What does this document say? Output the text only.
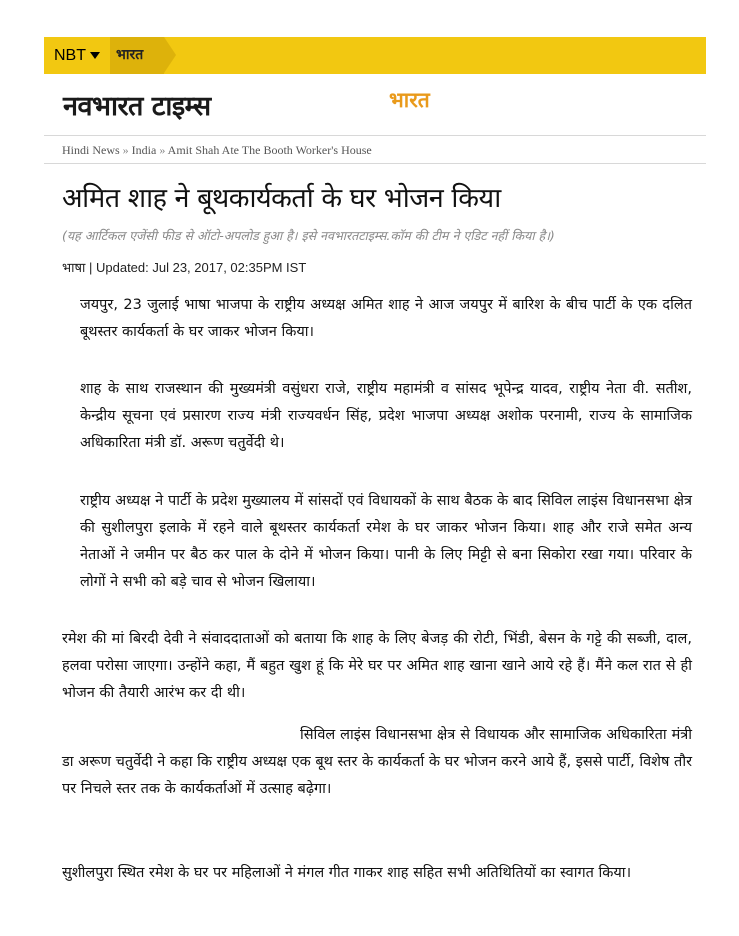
NBT	भारत
नवभारत टाइम्स	भारत
Hindi News » India » Amit Shah Ate The Booth Worker's House
अमित शाह ने बूथकार्यकर्ता के घर भोजन किया
(यह आर्टिकल एजेंसी फीड से ऑटो-अपलोड हुआ है। इसे नवभारतटाइम्स.कॉम की टीम ने एडिट नहीं किया है।)
भाषा | Updated: Jul 23, 2017, 02:35PM IST
जयपुर, 23 जुलाई भाषा भाजपा के राष्ट्रीय अध्यक्ष अमित शाह ने आज जयपुर में बारिश के बीच पार्टी के एक दलित बूथस्तर कार्यकर्ता के घर जाकर भोजन किया।
शाह के साथ राजस्थान की मुख्यमंत्री वसुंधरा राजे, राष्ट्रीय महामंत्री व सांसद भूपेन्द्र यादव, राष्ट्रीय नेता वी. सतीश, केन्द्रीय सूचना एवं प्रसारण राज्य मंत्री राज्यवर्धन सिंह, प्रदेश भाजपा अध्यक्ष अशोक परनामी, राज्य के सामाजिक अधिकारिता मंत्री डॉ. अरूण चतुर्वेदी थे।
राष्ट्रीय अध्यक्ष ने पार्टी के प्रदेश मुख्यालय में सांसदों एवं विधायकों के साथ बैठक के बाद सिविल लाइंस विधानसभा क्षेत्र की सुशीलपुरा इलाके में रहने वाले बूथस्तर कार्यकर्ता रमेश के घर जाकर भोजन किया। शाह और राजे समेत अन्य नेताओं ने जमीन पर बैठ कर पाल के दोने में भोजन किया। पानी के लिए मिट्टी से बना सिकोरा रखा गया। परिवार के लोगों ने सभी को बड़े चाव से भोजन खिलाया।
रमेश की मां बिरदी देवी ने संवाददाताओं को बताया कि शाह के लिए बेजड़ की रोटी, भिंडी, बेसन के गट्टे की सब्जी, दाल, हलवा परोसा जाएगा। उन्होंने कहा, मैं बहुत खुश हूं कि मेरे घर पर अमित शाह खाना खाने आये रहे हैं। मैंने कल रात से ही भोजन की तैयारी आरंभ कर दी थी।
सिविल लाइंस विधानसभा क्षेत्र से विधायक और सामाजिक अधिकारिता मंत्री डा अरूण चतुर्वेदी ने कहा कि राष्ट्रीय अध्यक्ष एक बूथ स्तर के कार्यकर्ता के घर भोजन करने आये हैं, इससे पार्टी, विशेष तौर पर निचले स्तर तक के कार्यकर्ताओं में उत्साह बढ़ेगा।
सुशीलपुरा स्थित रमेश के घर पर महिलाओं ने मंगल गीत गाकर शाह सहित सभी अतिथितियों का स्वागत किया।
